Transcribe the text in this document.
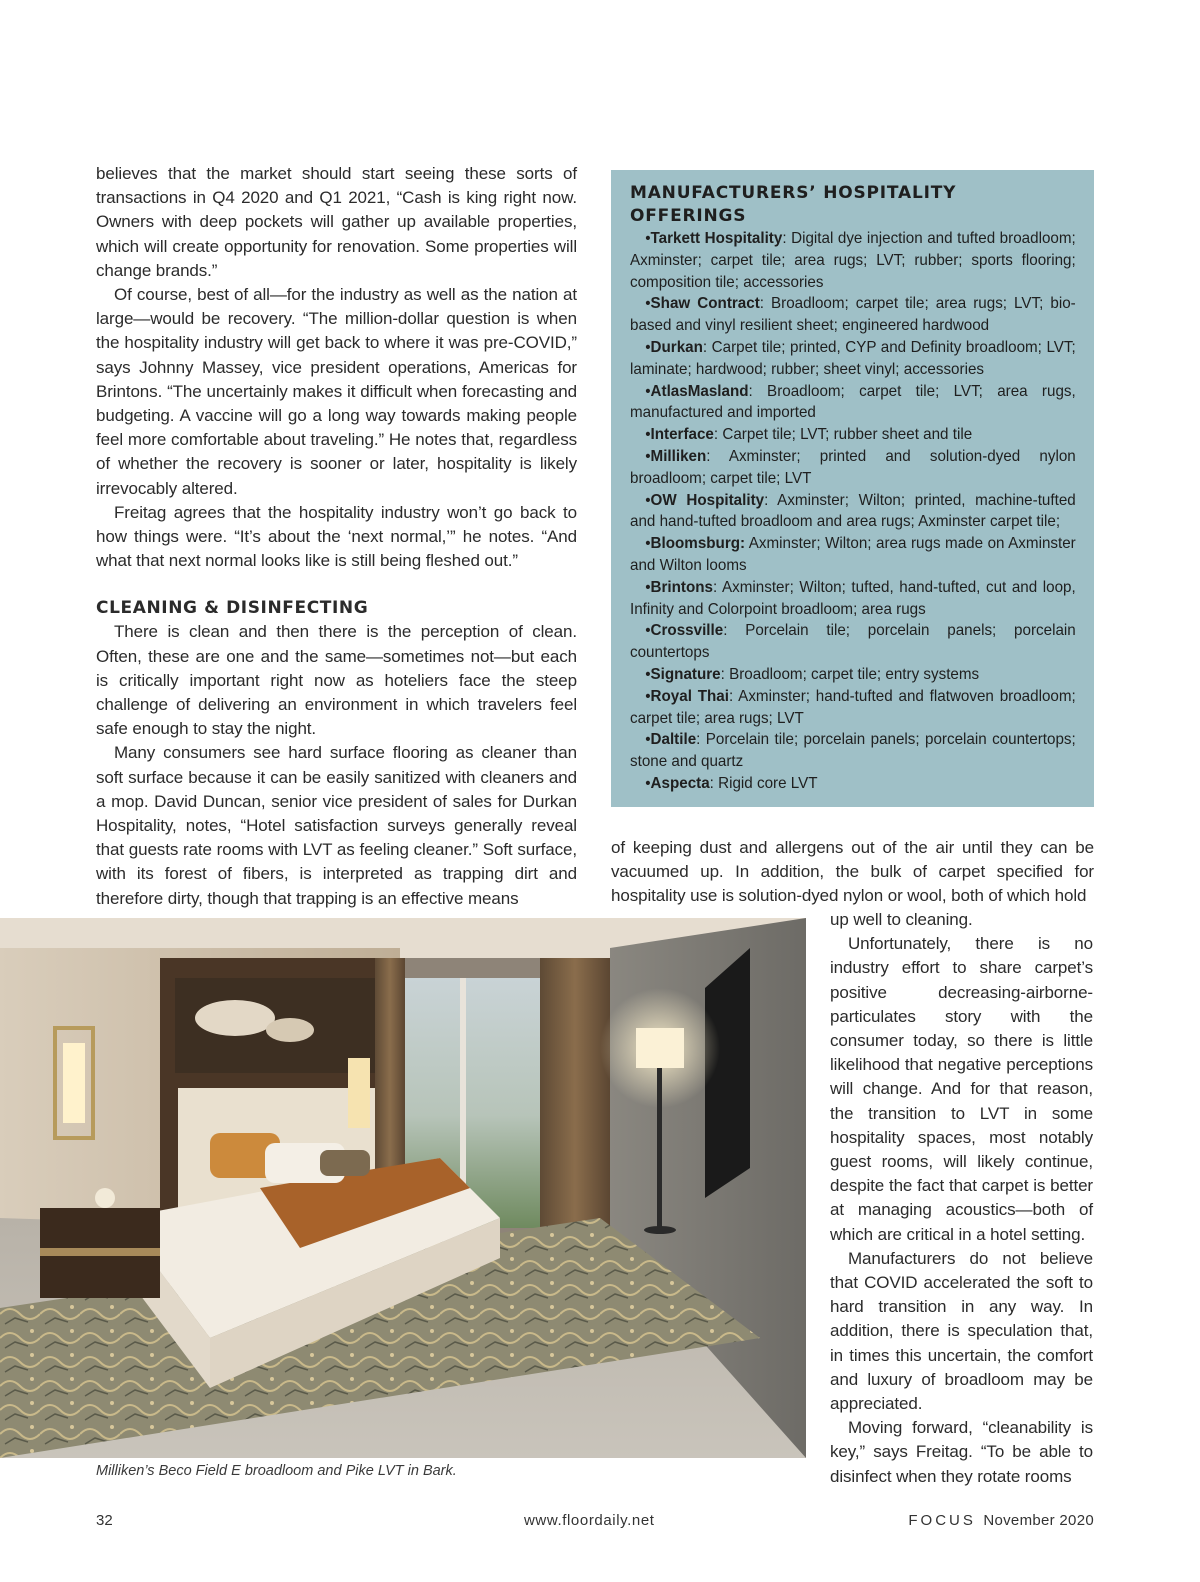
believes that the market should start seeing these sorts of transactions in Q4 2020 and Q1 2021, “Cash is king right now. Owners with deep pockets will gather up available properties, which will create opportunity for renovation. Some properties will change brands.”

Of course, best of all—for the industry as well as the nation at large—would be recovery. “The million-dollar question is when the hospitality industry will get back to where it was pre-COVID,” says Johnny Massey, vice president operations, Americas for Brintons. “The uncertainly makes it difficult when forecasting and budgeting. A vaccine will go a long way towards making people feel more comfortable about traveling.” He notes that, regardless of whether the recovery is sooner or later, hospitality is likely irrevocably altered.

Freitag agrees that the hospitality industry won’t go back to how things were. “It’s about the ‘next normal,’” he notes. “And what that next normal looks like is still being fleshed out.”

CLEANING & DISINFECTING

There is clean and then there is the perception of clean. Often, these are one and the same—sometimes not—but each is critically important right now as hoteliers face the steep challenge of delivering an environment in which travelers feel safe enough to stay the night.

Many consumers see hard surface flooring as cleaner than soft surface because it can be easily sanitized with cleaners and a mop. David Duncan, senior vice president of sales for Durkan Hospitality, notes, “Hotel satisfaction surveys generally reveal that guests rate rooms with LVT as feeling cleaner.” Soft surface, with its forest of fibers, is interpreted as trapping dirt and therefore dirty, though that trapping is an effective means

MANUFACTURERS’ HOSPITALITY OFFERINGS

•Tarkett Hospitality: Digital dye injection and tufted broadloom; Axminster; carpet tile; area rugs; LVT; rubber; sports flooring; composition tile; accessories

•Shaw Contract: Broadloom; carpet tile; area rugs; LVT; bio-based and vinyl resilient sheet; engineered hardwood

•Durkan: Carpet tile; printed, CYP and Definity broadloom; LVT; laminate; hardwood; rubber; sheet vinyl; accessories

•AtlasMasland: Broadloom; carpet tile; LVT; area rugs, manufactured and imported

•Interface: Carpet tile; LVT; rubber sheet and tile

•Milliken: Axminster; printed and solution-dyed nylon broadloom; carpet tile; LVT

•OW Hospitality: Axminster; Wilton; printed, machine-tufted and hand-tufted broadloom and area rugs; Axminster carpet tile;

•Bloomsburg: Axminster; Wilton; area rugs made on Axminster and Wilton looms

•Brintons: Axminster; Wilton; tufted, hand-tufted, cut and loop, Infinity and Colorpoint broadloom; area rugs

•Crossville: Porcelain tile; porcelain panels; porcelain countertops

•Signature: Broadloom; carpet tile; entry systems

•Royal Thai: Axminster; hand-tufted and flatwoven broadloom; carpet tile; area rugs; LVT

•Daltile: Porcelain tile; porcelain panels; porcelain countertops; stone and quartz

•Aspecta: Rigid core LVT

of keeping dust and allergens out of the air until they can be vacuumed up. In addition, the bulk of carpet specified for hospitality use is solution-dyed nylon or wool, both of which hold

up well to cleaning.

Unfortunately, there is no industry effort to share carpet’s positive decreasing-airborne-particulates story with the consumer today, so there is little likelihood that negative perceptions will change. And for that reason, the transition to LVT in some hospitality spaces, most notably guest rooms, will likely continue, despite the fact that carpet is better at managing acoustics—both of which are critical in a hotel setting.

Manufacturers do not believe that COVID accelerated the soft to hard transition in any way. In addition, there is speculation that, in times this uncertain, the comfort and luxury of broadloom may be appreciated.

Moving forward, “cleanability is key,” says Freitag. “To be able to disinfect when they rotate rooms

Milliken’s Beco Field E broadloom and Pike LVT in Bark.
32	www.floordaily.net	FOCUS November 2020
